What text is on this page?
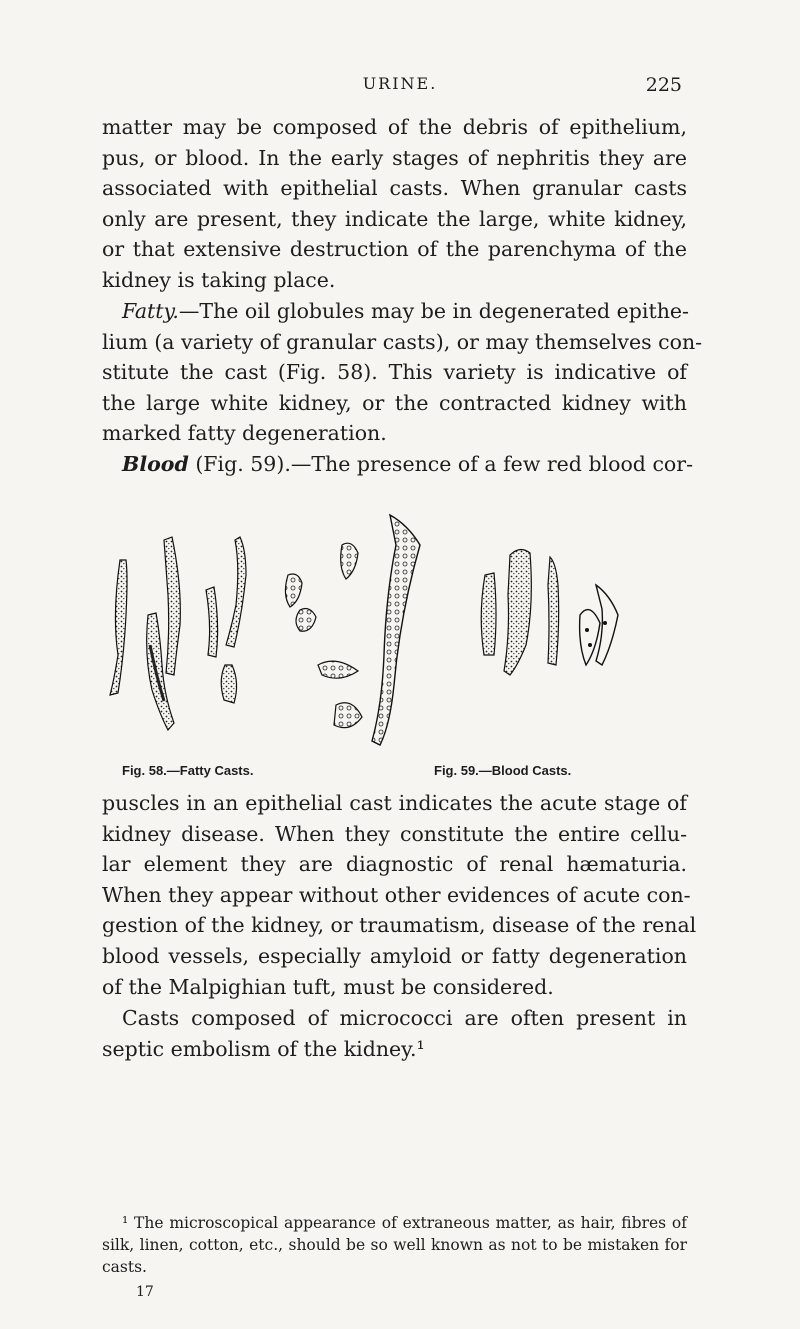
URINE.	225

matter may be composed of the debris of epithelium,
pus, or blood. In the early stages of nephritis they are
associated with epithelial casts. When granular casts
only are present, they indicate the large, white kidney,
or that extensive destruction of the parenchyma of the
kidney is taking place.

Fatty.—The oil globules may be in degenerated epithe-
lium (a variety of granular casts), or may themselves con-
stitute the cast (Fig. 58). This variety is indicative of
the large white kidney, or the contracted kidney with
marked fatty degeneration.

Blood (Fig. 59).—The presence of a few red blood cor-

Fig. 58.—Fatty Casts.	Fig. 59.—Blood Casts.

puscles in an epithelial cast indicates the acute stage of
kidney disease. When they constitute the entire cellu-
lar element they are diagnostic of renal hæmaturia.
When they appear without other evidences of acute con-
gestion of the kidney, or traumatism, disease of the renal
blood vessels, especially amyloid or fatty degeneration
of the Malpighian tuft, must be considered.

Casts composed of micrococci are often present in
septic embolism of the kidney.¹

¹ The microscopical appearance of extraneous matter, as hair, fibres of silk, linen, cotton, etc., should be so well known as not to be mistaken for casts.

17
